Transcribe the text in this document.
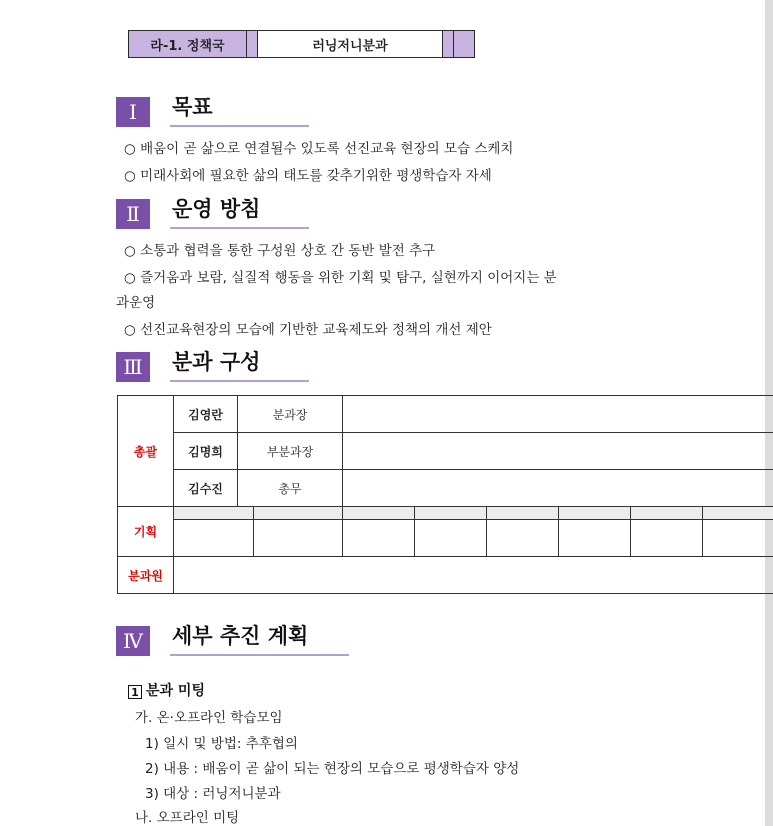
라-1. 정책국	러닝저니분과
Ⅰ	목표
○ 배움이 곧 삶으로 연결될수 있도록 선진교육 현장의 모습 스케치
○ 미래사회에 필요한 삶의 태도를 갖추기위한 평생학습자 자세
Ⅱ	운영 방침
○ 소통과 협력을 통한 구성원 상호 간 동반 발전 추구
○ 즐거움과 보람, 실질적 행동을 위한 기획 및 탐구, 실현까지 이어지는 분
과운영
○ 선진교육현장의 모습에 기반한 교육제도와 정책의 개선 제안
Ⅲ	분과 구성
총괄	김영란	분과장							
	김명희	부분과장							
	김수진	총무							
기획									

분과원									
Ⅳ	세부 추진 계획
1 분과 미팅
가. 온·오프라인 학습모임
1) 일시 및 방법: 추후협의
2) 내용 : 배움이 곧 삶이 되는 현장의 모습으로 평생학습자 양성
3) 대상 : 러닝저니분과
나. 오프라인 미팅
